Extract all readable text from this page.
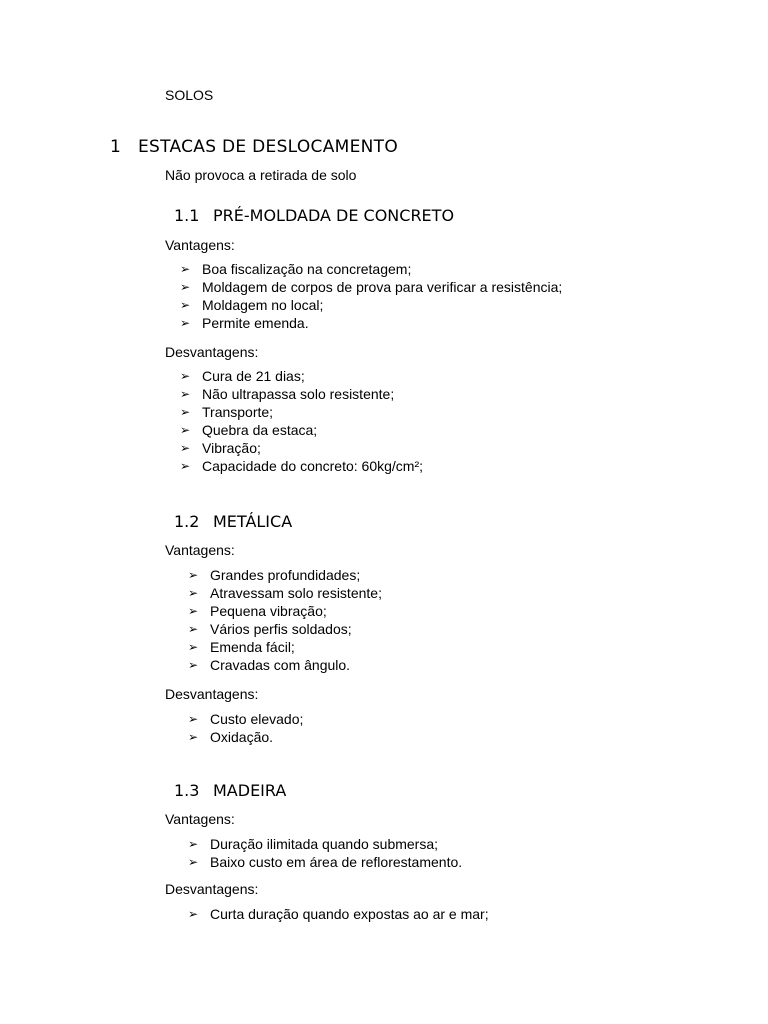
SOLOS
1 ESTACAS DE DESLOCAMENTO
Não provoca a retirada de solo
1.1 PRÉ-MOLDADA DE CONCRETO
Vantagens:
➢ Boa fiscalização na concretagem;
➢ Moldagem de corpos de prova para verificar a resistência;
➢ Moldagem no local;
➢ Permite emenda.
Desvantagens:
➢ Cura de 21 dias;
➢ Não ultrapassa solo resistente;
➢ Transporte;
➢ Quebra da estaca;
➢ Vibração;
➢ Capacidade do concreto: 60kg/cm²;
1.2 METÁLICA
Vantagens:
➢ Grandes profundidades;
➢ Atravessam solo resistente;
➢ Pequena vibração;
➢ Vários perfis soldados;
➢ Emenda fácil;
➢ Cravadas com ângulo.
Desvantagens:
➢ Custo elevado;
➢ Oxidação.
1.3 MADEIRA
Vantagens:
➢ Duração ilimitada quando submersa;
➢ Baixo custo em área de reflorestamento.
Desvantagens:
➢ Curta duração quando expostas ao ar e mar;
